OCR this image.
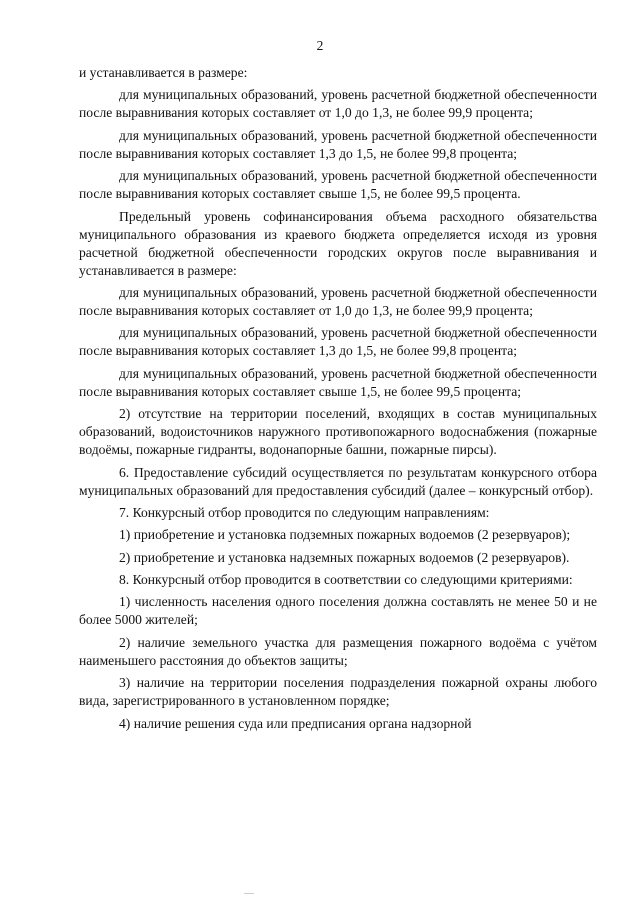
2

и устанавливается в размере:

для муниципальных образований, уровень расчетной бюджетной обеспеченности после выравнивания которых составляет от 1,0 до 1,3, не более 99,9 процента;

для муниципальных образований, уровень расчетной бюджетной обеспеченности после выравнивания которых составляет 1,3 до 1,5, не более 99,8 процента;

для муниципальных образований, уровень расчетной бюджетной обеспеченности после выравнивания которых составляет свыше 1,5, не более 99,5 процента.

Предельный уровень софинансирования объема расходного обязательства муниципального образования из краевого бюджета определяется исходя из уровня расчетной бюджетной обеспеченности городских округов после выравнивания и устанавливается в размере:

для муниципальных образований, уровень расчетной бюджетной обеспеченности после выравнивания которых составляет от 1,0 до 1,3, не более 99,9 процента;

для муниципальных образований, уровень расчетной бюджетной обеспеченности после выравнивания которых составляет 1,3 до 1,5, не более 99,8 процента;

для муниципальных образований, уровень расчетной бюджетной обеспеченности после выравнивания которых составляет свыше 1,5, не более 99,5 процента;

2) отсутствие на территории поселений, входящих в состав муниципальных образований, водоисточников наружного противопожарного водоснабжения (пожарные водоёмы, пожарные гидранты, водонапорные башни, пожарные пирсы).

6. Предоставление субсидий осуществляется по результатам конкурсного отбора муниципальных образований для предоставления субсидий (далее – конкурсный отбор).

7. Конкурсный отбор проводится по следующим направлениям:

1) приобретение и установка подземных пожарных водоемов (2 резервуаров);

2) приобретение и установка надземных пожарных водоемов (2 резервуаров).

8. Конкурсный отбор проводится в соответствии со следующими критериями:

1) численность населения одного поселения должна составлять не менее 50 и не более 5000 жителей;

2) наличие земельного участка для размещения пожарного водоёма с учётом наименьшего расстояния до объектов защиты;

3) наличие на территории поселения подразделения пожарной охраны любого вида, зарегистрированного в установленном порядке;

4) наличие решения суда или предписания органа надзорной
